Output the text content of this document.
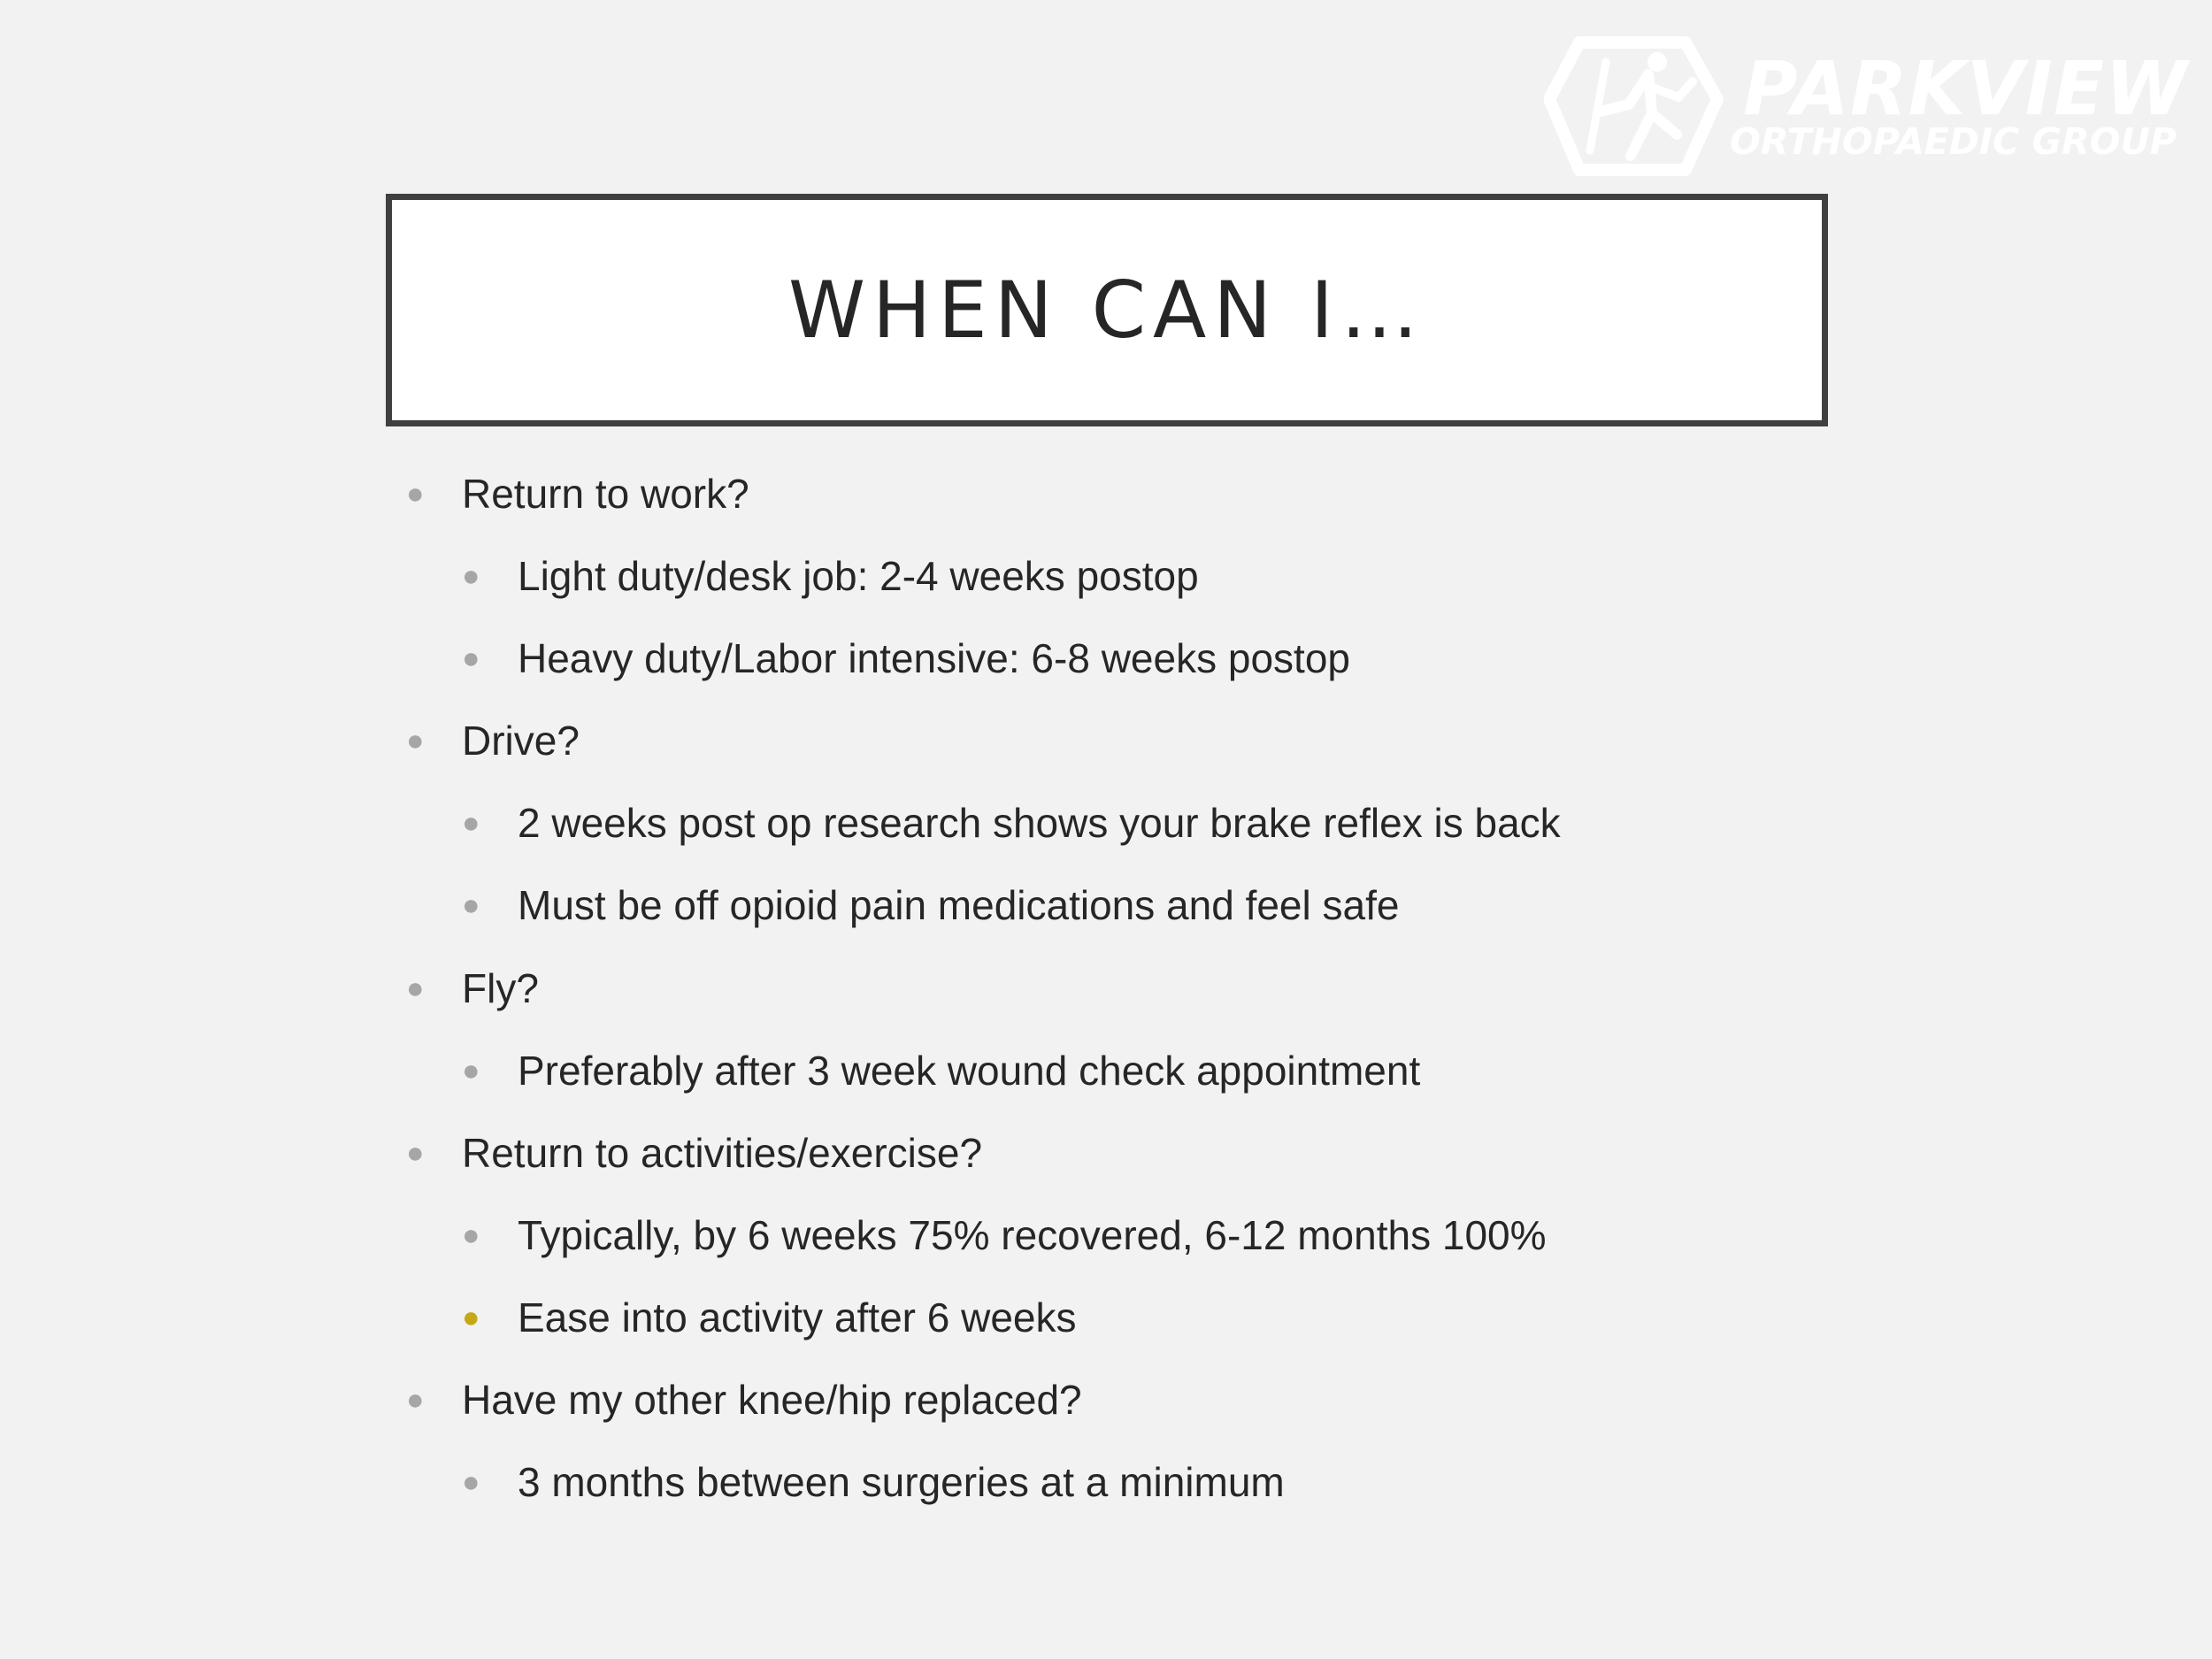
PARKVIEW
ORTHOPAEDIC GROUP
WHEN CAN I…
● Return to work?
● Light duty/desk job: 2-4 weeks postop
● Heavy duty/Labor intensive: 6-8 weeks postop
● Drive?
● 2 weeks post op research shows your brake reflex is back
● Must be off opioid pain medications and feel safe
● Fly?
● Preferably after 3 week wound check appointment
● Return to activities/exercise?
● Typically, by 6 weeks 75% recovered, 6-12 months 100%
● Ease into activity after 6 weeks
● Have my other knee/hip replaced?
● 3 months between surgeries at a minimum
